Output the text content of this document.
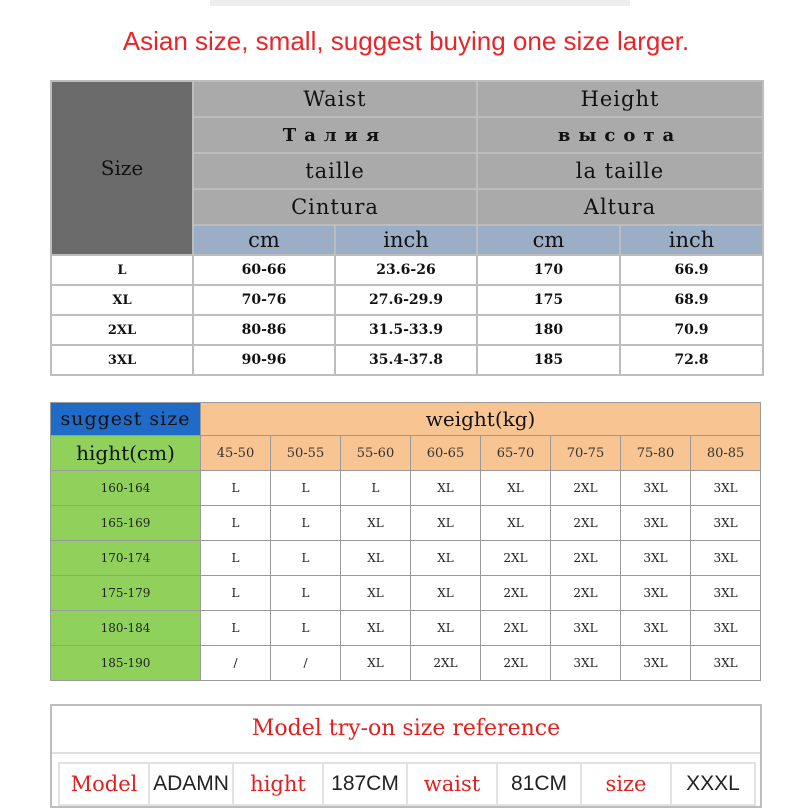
Asian size, small, suggest buying one size larger.
Size	Waist		Height	
	Талия		высота	
	taille		la taille	
	Cintura		Altura	
	cm	inch	cm	inch
L	60-66	23.6-26	170	66.9
XL	70-76	27.6-29.9	175	68.9
2XL	80-86	31.5-33.9	180	70.9
3XL	90-96	35.4-37.8	185	72.8
suggest size	weight(kg)							
hight(cm)	45-50	50-55	55-60	60-65	65-70	70-75	75-80	80-85
160-164	L	L	L	XL	XL	2XL	3XL	3XL
165-169	L	L	XL	XL	XL	2XL	3XL	3XL
170-174	L	L	XL	XL	2XL	2XL	3XL	3XL
175-179	L	L	XL	XL	2XL	2XL	3XL	3XL
180-184	L	L	XL	XL	2XL	3XL	3XL	3XL
185-190	/	/	XL	2XL	2XL	3XL	3XL	3XL
Model try-on size reference
Model	ADAMN	hight	187CM	waist	81CM	size	XXXL
